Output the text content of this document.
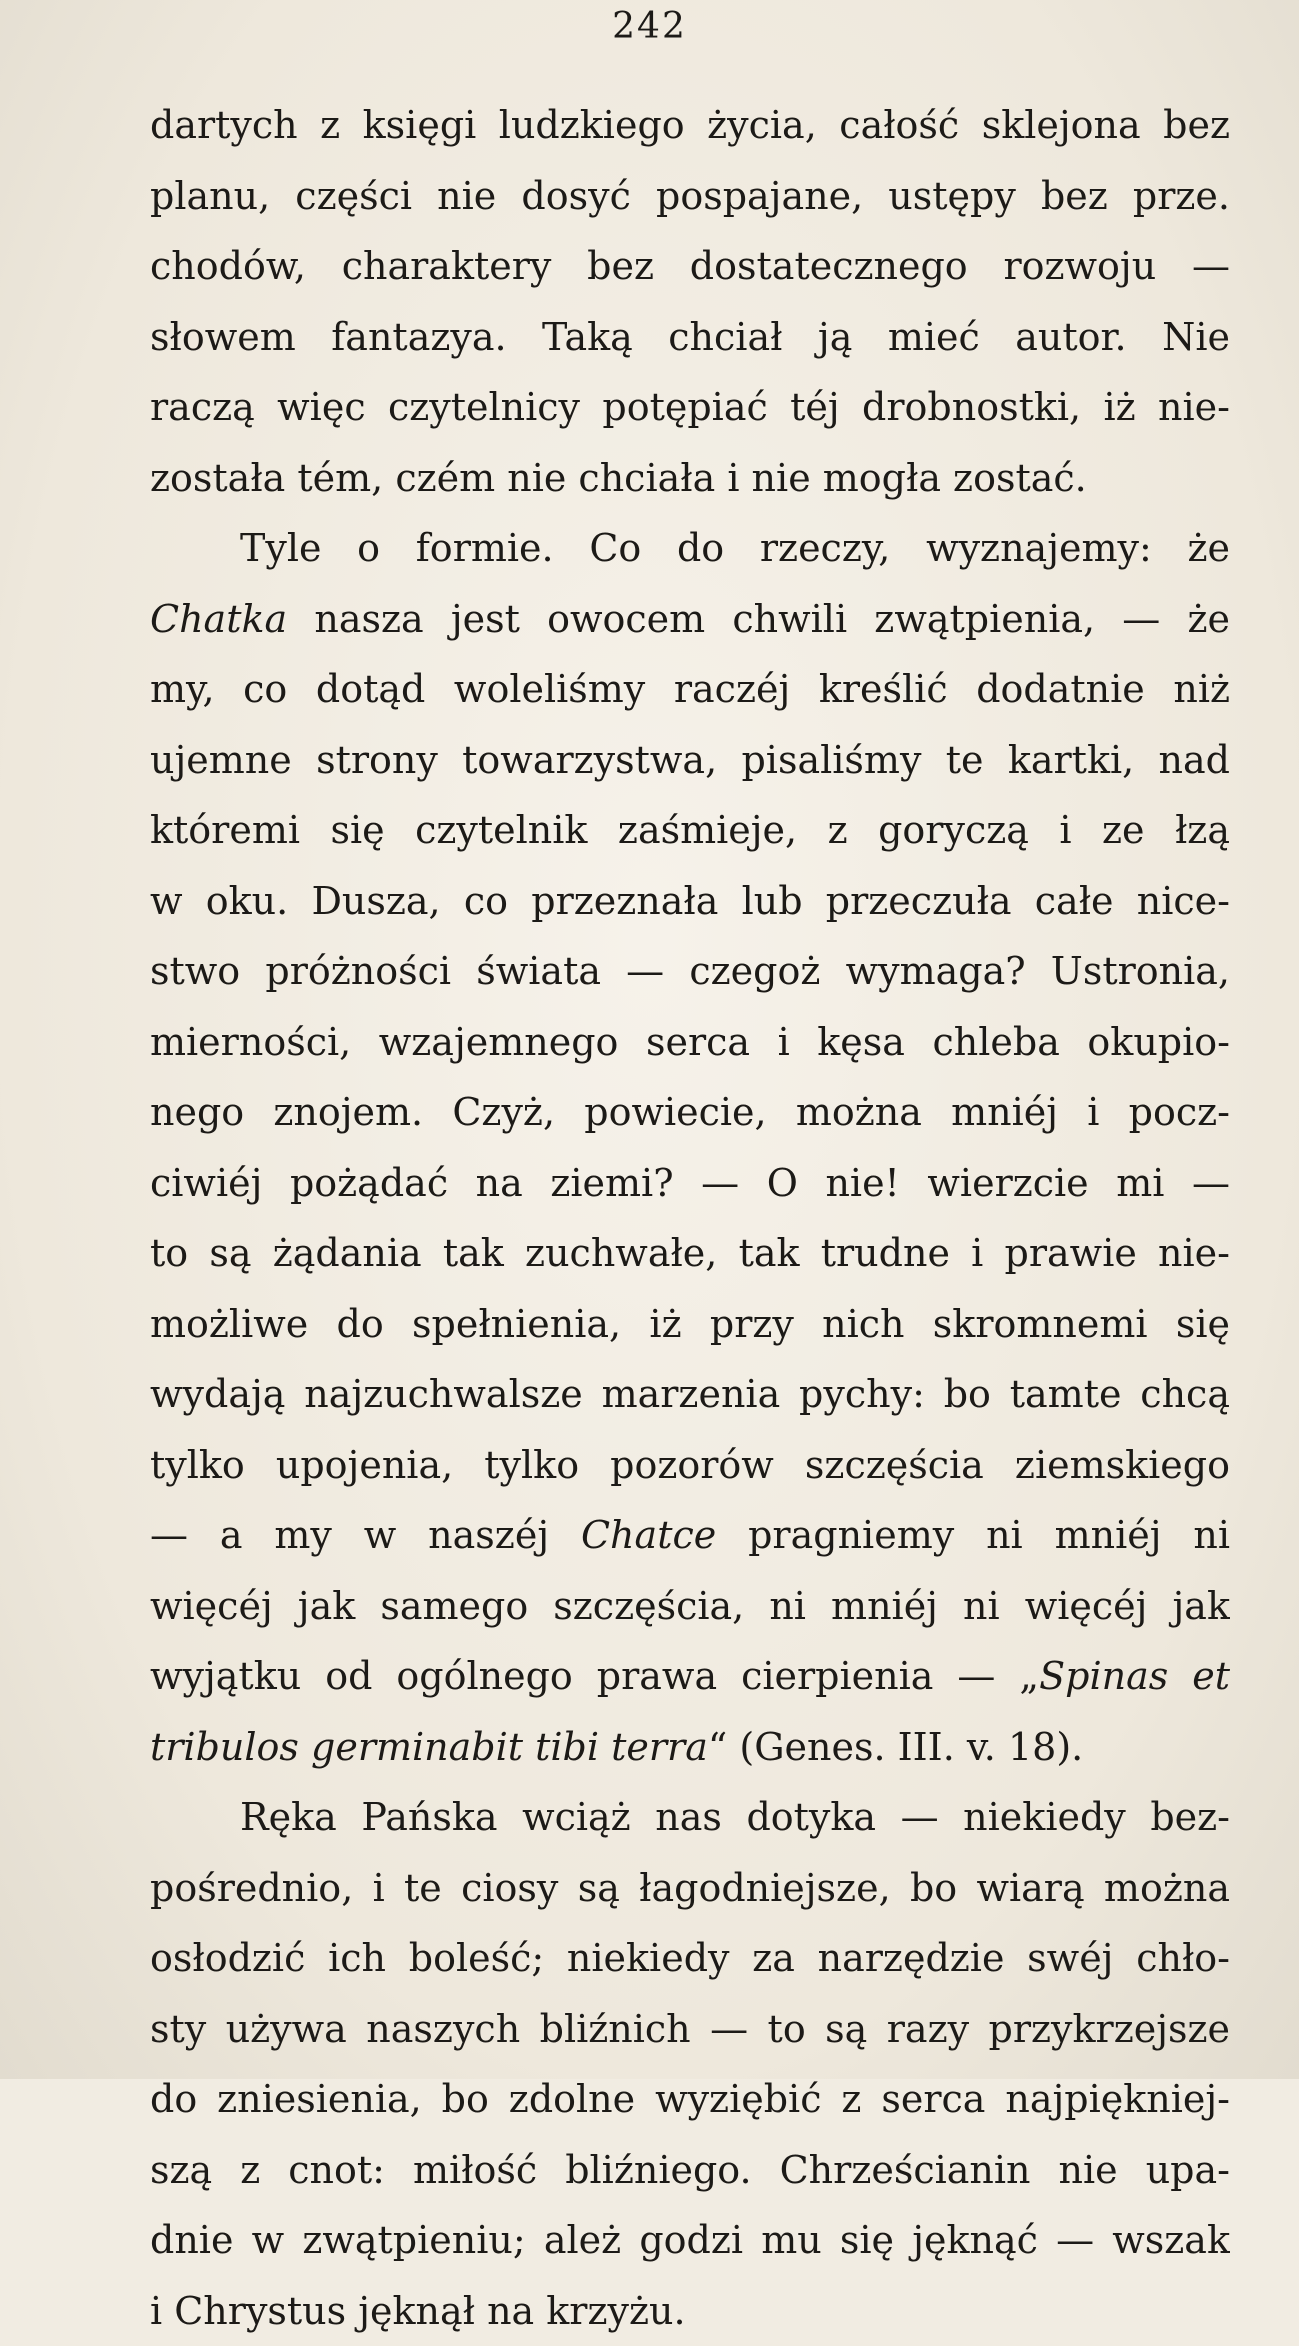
242
dartych z księgi ludzkiego życia, całość sklejona bez
planu, części nie dosyć pospajane, ustępy bez prze.
chodów, charaktery bez dostatecznego rozwoju —
słowem fantazya. Taką chciał ją mieć autor. Nie
raczą więc czytelnicy potępiać téj drobnostki, iż nie-
została tém, czém nie chciała i nie mogła zostać.
Tyle o formie. Co do rzeczy, wyznajemy: że
Chatka nasza jest owocem chwili zwątpienia, — że
my, co dotąd woleliśmy raczéj kreślić dodatnie niż
ujemne strony towarzystwa, pisaliśmy te kartki, nad
któremi się czytelnik zaśmieje, z goryczą i ze łzą
w oku. Dusza, co przeznała lub przeczuła całe nice-
stwo próżności świata — czegoż wymaga? Ustronia,
mierności, wzajemnego serca i kęsa chleba okupio-
nego znojem. Czyż, powiecie, można mniéj i pocz-
ciwiéj pożądać na ziemi? — O nie! wierzcie mi —
to są żądania tak zuchwałe, tak trudne i prawie nie-
możliwe do spełnienia, iż przy nich skromnemi się
wydają najzuchwalsze marzenia pychy: bo tamte chcą
tylko upojenia, tylko pozorów szczęścia ziemskiego
— a my w naszéj Chatce pragniemy ni mniéj ni
więcéj jak samego szczęścia, ni mniéj ni więcéj jak
wyjątku od ogólnego prawa cierpienia — „Spinas et
tribulos germinabit tibi terra“ (Genes. III. v. 18).
Ręka Pańska wciąż nas dotyka — niekiedy bez-
pośrednio, i te ciosy są łagodniejsze, bo wiarą można
osłodzić ich boleść; niekiedy za narzędzie swéj chło-
sty używa naszych bliźnich — to są razy przykrzejsze
do zniesienia, bo zdolne wyziębić z serca najpiękniej-
szą z cnot: miłość bliźniego. Chrześcianin nie upa-
dnie w zwątpieniu; ależ godzi mu się jęknąć — wszak
i Chrystus jęknął na krzyżu.
